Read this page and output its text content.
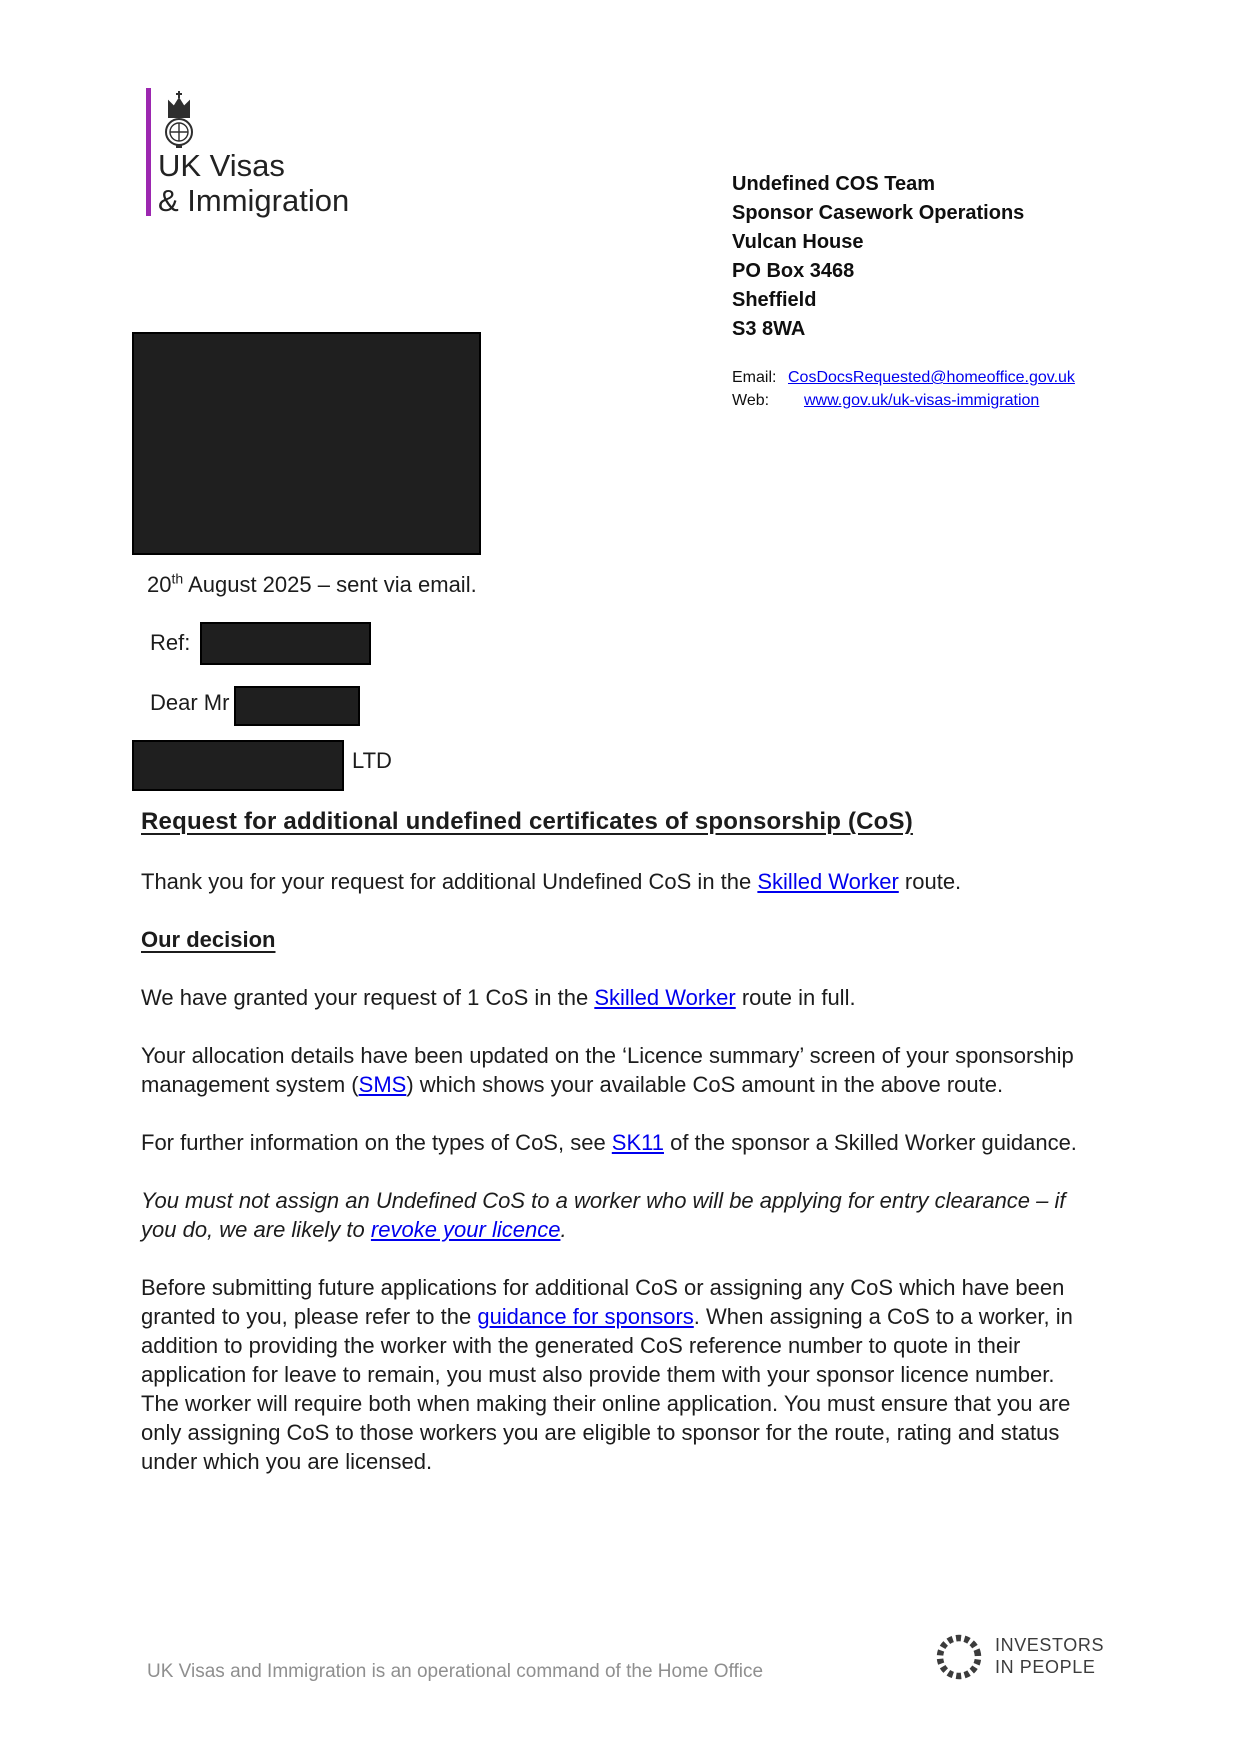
UK Visas
& Immigration	Undefined COS Team
Sponsor Casework Operations
Vulcan House
PO Box 3468
Sheffield
S3 8WA
Email: CosDocsRequested@homeoffice.gov.uk
Web: www.gov.uk/uk-visas-immigration
20th August 2025 – sent via email.
Ref:
Dear Mr
LTD
Request for additional undefined certificates of sponsorship (CoS)

Thank you for your request for additional Undefined CoS in the Skilled Worker route.

Our decision

We have granted your request of 1 CoS in the Skilled Worker route in full.

Your allocation details have been updated on the ‘Licence summary’ screen of your sponsorship management system (SMS) which shows your available CoS amount in the above route.

For further information on the types of CoS, see SK11 of the sponsor a Skilled Worker guidance.

You must not assign an Undefined CoS to a worker who will be applying for entry clearance – if you do, we are likely to revoke your licence.

Before submitting future applications for additional CoS or assigning any CoS which have been granted to you, please refer to the guidance for sponsors. When assigning a CoS to a worker, in addition to providing the worker with the generated CoS reference number to quote in their application for leave to remain, you must also provide them with your sponsor licence number. The worker will require both when making their online application. You must ensure that you are only assigning CoS to those workers you are eligible to sponsor for the route, rating and status under which you are licensed.

UK Visas and Immigration is an operational command of the Home Office
INVESTORS
IN PEOPLE
